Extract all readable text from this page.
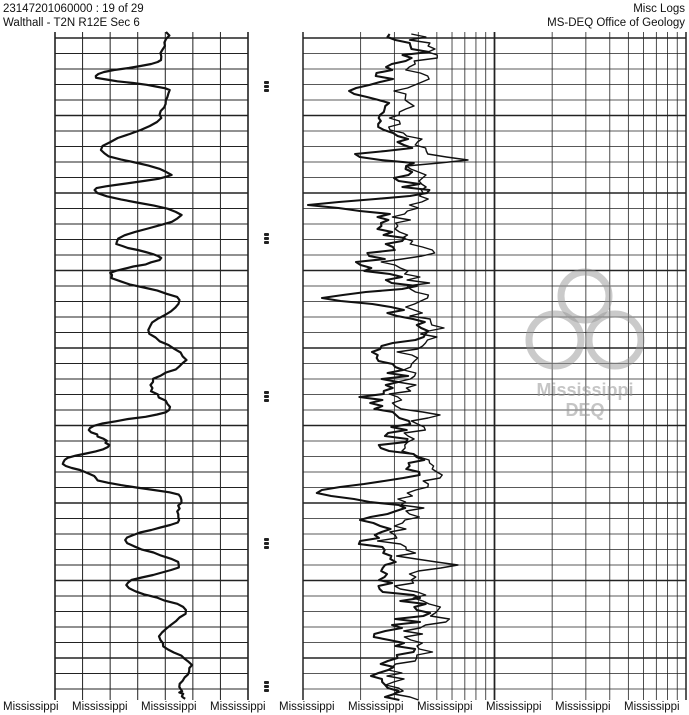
23147201060000 : 19 of 29
Walthall - T2N R12E Sec 6
Misc Logs
MS-DEQ Office of Geology
Mississippi
DEQ
Mississippi Mississippi Mississippi Mississippi Mississippi Mississippi Mississippi Mississippi Mississippi Mississippi
